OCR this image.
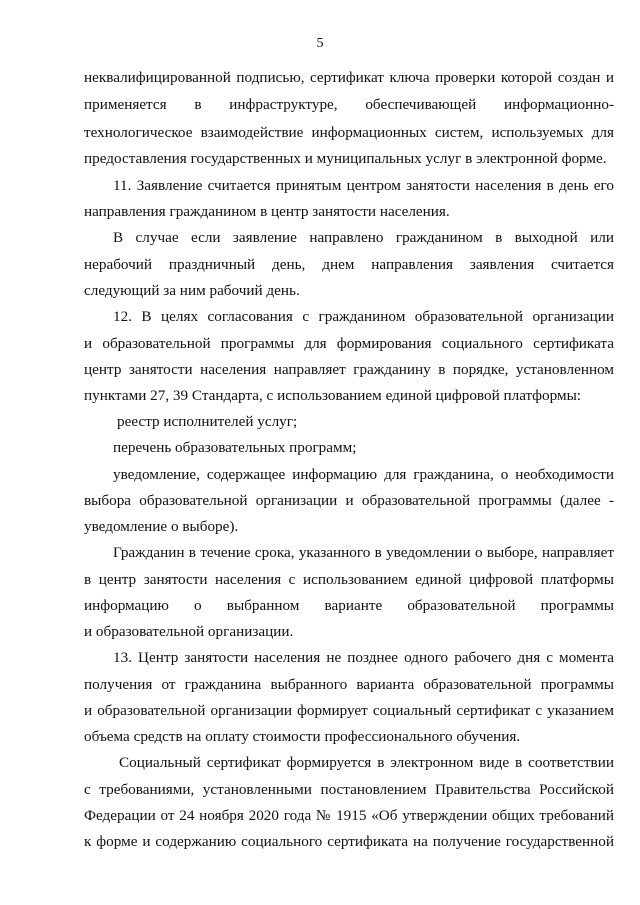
5
неквалифицированной подписью, сертификат ключа проверки которой создан и
применяется в инфраструктуре, обеспечивающей информационно-
технологическое взаимодействие информационных систем, используемых для
предоставления государственных и муниципальных услуг в электронной форме.
11. Заявление считается принятым центром занятости населения в день его
направления гражданином в центр занятости населения.
В случае если заявление направлено гражданином в выходной или
нерабочий праздничный день, днем направления заявления считается
следующий за ним рабочий день.
12. В целях согласования с гражданином образовательной организации
и образовательной программы для формирования социального сертификата
центр занятости населения направляет гражданину в порядке, установленном
пунктами 27, 39 Стандарта, с использованием единой цифровой платформы:
реестр исполнителей услуг;
перечень образовательных программ;
уведомление, содержащее информацию для гражданина, о необходимости
выбора образовательной организации и образовательной программы (далее -
уведомление о выборе).
Гражданин в течение срока, указанного в уведомлении о выборе, направляет
в центр занятости населения с использованием единой цифровой платформы
информацию о выбранном варианте образовательной программы
и образовательной организации.
13. Центр занятости населения не позднее одного рабочего дня с момента
получения от гражданина выбранного варианта образовательной программы
и образовательной организации формирует социальный сертификат с указанием
объема средств на оплату стоимости профессионального обучения.
Социальный сертификат формируется в электронном виде в соответствии
с требованиями, установленными постановлением Правительства Российской
Федерации от 24 ноября 2020 года № 1915 «Об утверждении общих требований
к форме и содержанию социального сертификата на получение государственной
